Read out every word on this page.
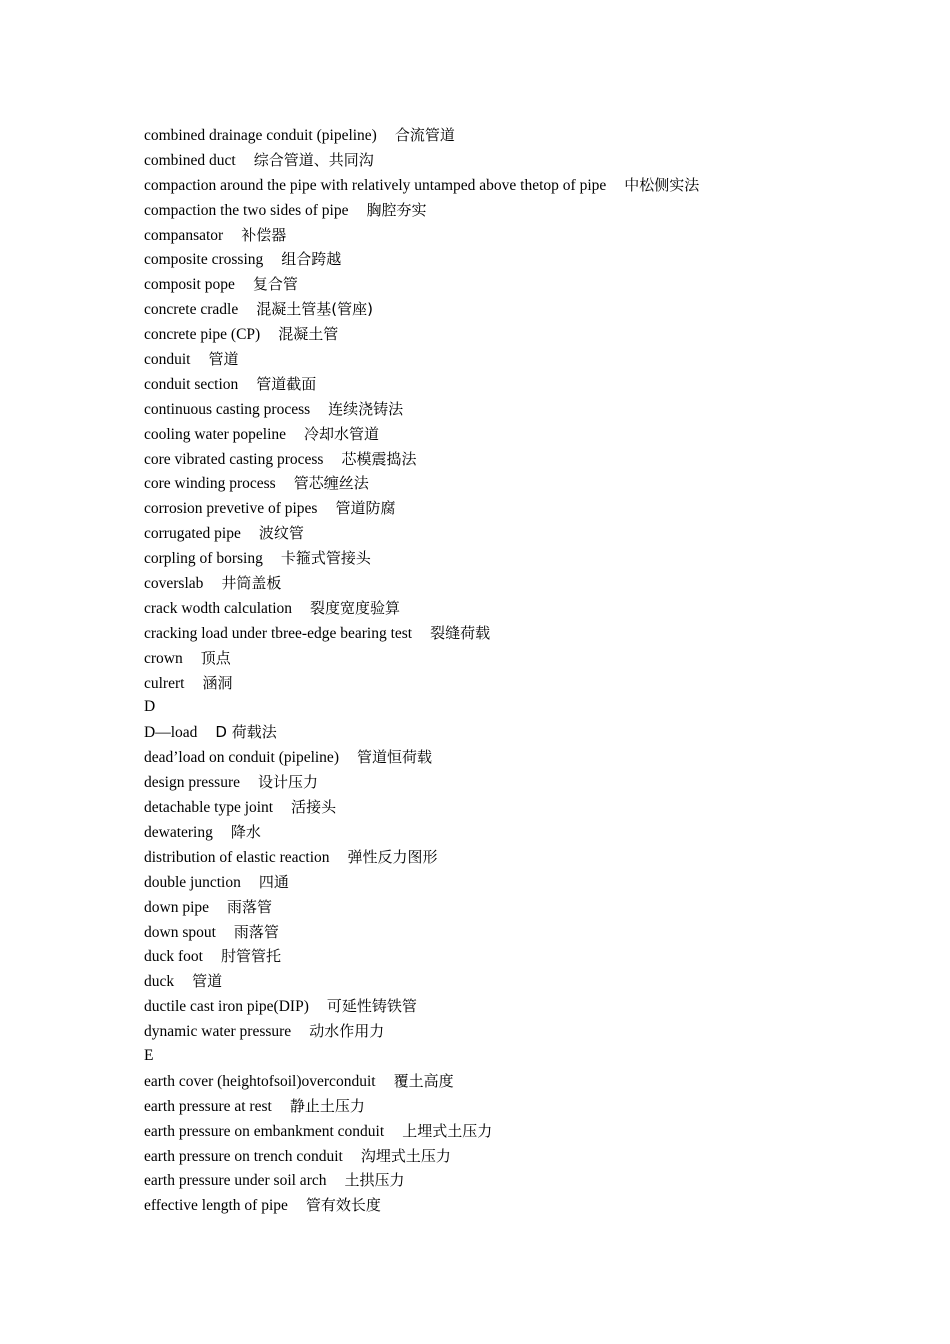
combined drainage conduit (pipeline) 合流管道
combined duct 综合管道、共同沟
compaction around the pipe with relatively untamped above thetop of pipe 中松侧实法
compaction the two sides of pipe 胸腔夯实
compansator 补偿器
composite crossing 组合跨越
composit pope 复合管
concrete cradle 混凝土管基(管座)
concrete pipe (CP) 混凝土管
conduit 管道
conduit section 管道截面
continuous casting process 连续浇铸法
cooling water popeline 冷却水管道
core vibrated casting process 芯模震捣法
core winding process 管芯缠丝法
corrosion prevetive of pipes 管道防腐
corrugated pipe 波纹管
corpling of borsing 卡箍式管接头
coverslab 井筒盖板
crack wodth calculation 裂度宽度验算
cracking load under tbree-edge bearing test 裂缝荷载
crown 顶点
culrert 涵洞
D
D—load D 荷载法
dead’load on conduit (pipeline) 管道恒荷载
design pressure 设计压力
detachable type joint 活接头
dewatering 降水
distribution of elastic reaction 弹性反力图形
double junction 四通
down pipe 雨落管
down spout 雨落管
duck foot 肘管管托
duck 管道
ductile cast iron pipe(DIP) 可延性铸铁管
dynamic water pressure 动水作用力
E
earth cover (heightofsoil)overconduit 覆土高度
earth pressure at rest 静止土压力
earth pressure on embankment conduit 上埋式土压力
earth pressure on trench conduit 沟埋式土压力
earth pressure under soil arch 土拱压力
effective length of pipe 管有效长度
